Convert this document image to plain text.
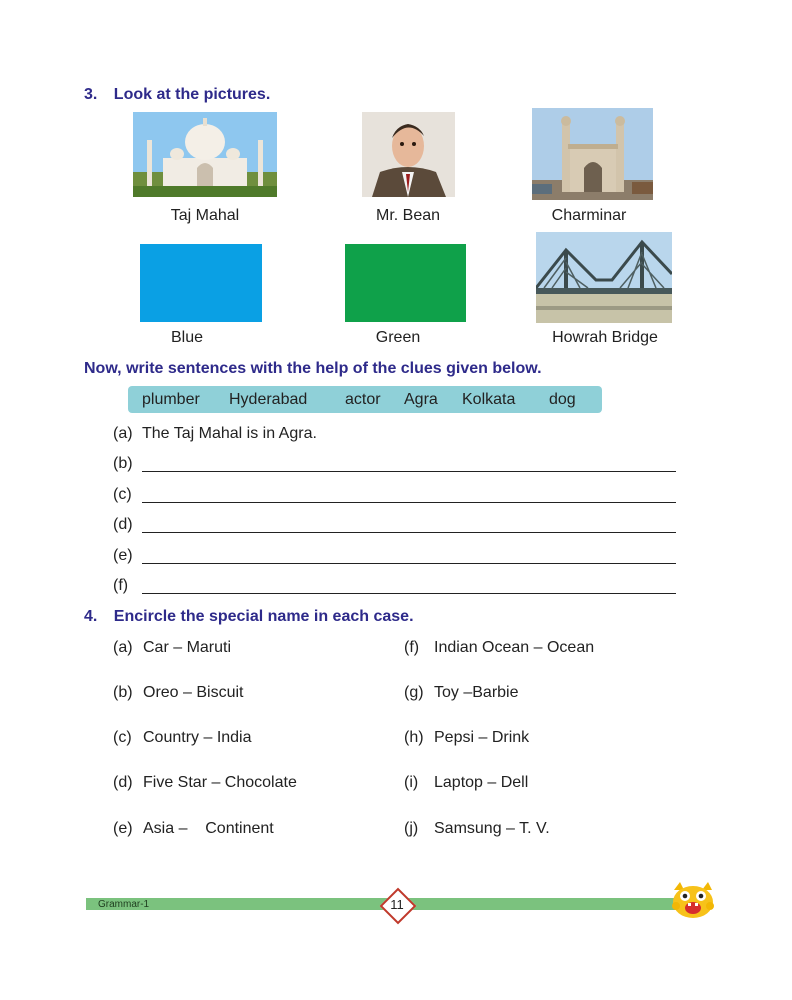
3. Look at the pictures.
Taj Mahal	Mr. Bean	Charminar
Blue	Green	Howrah Bridge
Now, write sentences with the help of the clues given below.
plumber Hyderabad actor Agra Kolkata dog
(a) The Taj Mahal is in Agra.
(b)
(c)
(d)
(e)
(f)
4. Encircle the special name in each case.
(a) Car – Maruti
(b) Oreo – Biscuit
(c) Country – India
(d) Five Star – Chocolate
(e) Asia –    Continent
(f) Indian Ocean – Ocean
(g) Toy –Barbie
(h) Pepsi – Drink
(i) Laptop – Dell
(j) Samsung – T. V.
Grammar-1	11
